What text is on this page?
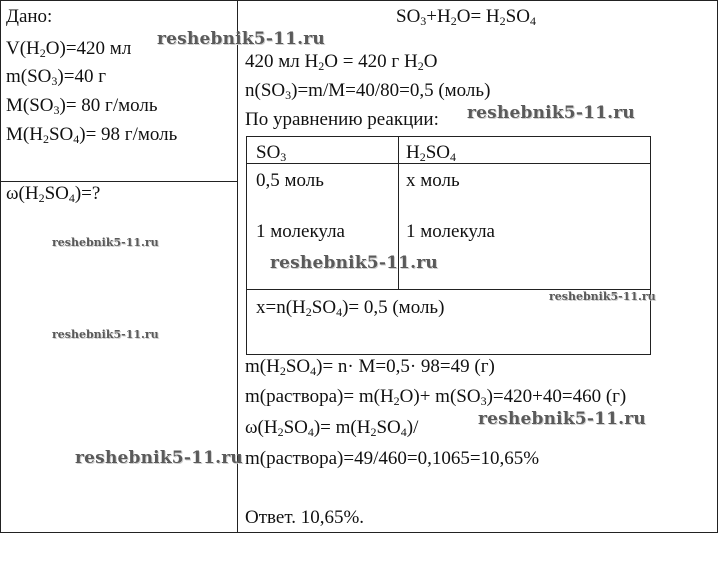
Дано:
$V(H_2O)=420$ мл
$m(SO_3)=40$ г
$M(SO_3)= 80$ г/моль
$M(H_2SO_4)= 98$ г/моль
$\omega(H_2SO_4)=$?
$SO_3+H_2O= H_2SO_4$
420 мл $H_2O = 420$ г $H_2O$
$n(SO_3)=m/M=40/80=0,5$ (моль)
По уравнению реакции:
$SO_3$	$H_2SO_4$
0,5 моль	x моль
1 молекула	1 молекула
$x=n(H_2SO_4)= 0,5$ (моль)
$m(H_2SO_4)= n\cdot M=0,5\cdot 98=49$ (г)
m(раствора)= $m(H_2O)+ m(SO_3)=420+40=460$ (г)
$\omega(H_2SO_4)= m(H_2SO_4)/$
m(раствора)=49/460=0,1065=10,65%
Ответ. 10,65%.
reshebnik5-11.ru
reshebnik5-11.ru
reshebnik5-11.ru
reshebnik5-11.ru
reshebnik5-11.ru
reshebnik5-11.ru
reshebnik5-11.ru
reshebnik5-11.ru
